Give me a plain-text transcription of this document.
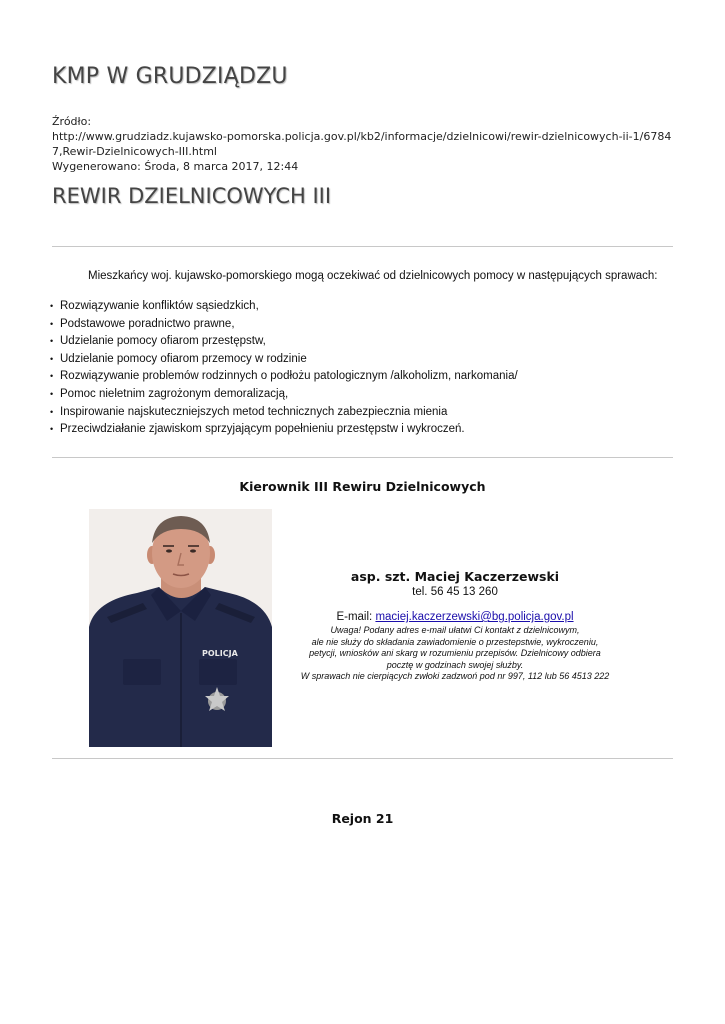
KMP W GRUDZIĄDZU
Źródło:
http://www.grudziadz.kujawsko-pomorska.policja.gov.pl/kb2/informacje/dzielnicowi/rewir-dzielnicowych-ii-1/67847,Rewir-Dzielnicowych-III.html
Wygenerowano: Środa, 8 marca 2017, 12:44
REWIR DZIELNICOWYCH III
Mieszkańcy woj. kujawsko-pomorskiego mogą oczekiwać od dzielnicowych pomocy w następujących sprawach:
• Rozwiązywanie konfliktów sąsiedzkich,
• Podstawowe poradnictwo prawne,
• Udzielanie pomocy ofiarom przestępstw,
• Udzielanie pomocy ofiarom przemocy w rodzinie
• Rozwiązywanie problemów rodzinnych o podłożu patologicznym /alkoholizm, narkomania/
• Pomoc nieletnim zagrożonym demoralizacją,
• Inspirowanie najskuteczniejszych metod technicznych zabezpiecznia mienia
• Przeciwdziałanie zjawiskom sprzyjającym popełnieniu przestępstw i wykroczeń.
Kierownik III Rewiru Dzielnicowych
POLICJA
asp. szt. Maciej Kaczerzewski
tel. 56 45 13 260
E-mail: maciej.kaczerzewski@bg.policja.gov.pl
Uwaga! Podany adres e-mail ułatwi Ci kontakt z dzielnicowym,
ale nie służy do składania zawiadomienie o przestepstwie, wykroczeniu,
petycji, wniosków ani skarg w rozumieniu przepisów. Dzielnicowy odbiera
pocztę w godzinach swojej służby.
W sprawach nie cierpiących zwłoki zadzwoń pod nr 997, 112 lub 56 4513 222
Rejon 21
